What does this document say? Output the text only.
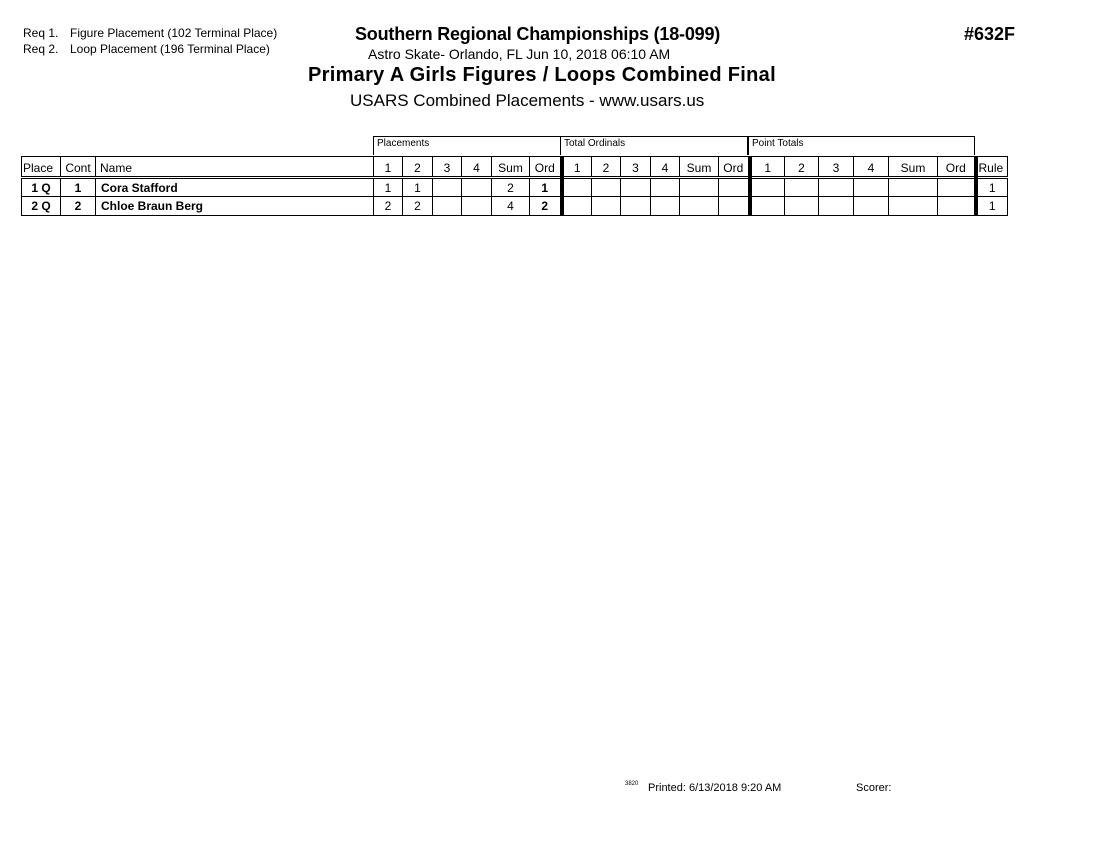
Req 1. Figure Placement (102 Terminal Place)
Req 2. Loop Placement (196 Terminal Place)
Southern Regional Championships (18-099)
Astro Skate- Orlando, FL Jun 10, 2018 06:10 AM
Primary A Girls Figures / Loops Combined Final
USARS Combined Placements - www.usars.us
#632F
Placements	Total Ordinals	Point Totals
Place	Cont	Name	1	2	3	4	Sum	Ord	1	2	3	4	Sum	Ord	1	2	3	4	Sum	Ord	Rule
1 Q	1	Cora Stafford	1	1			2	1													1
2 Q	2	Chloe Braun Berg	2	2			4	2													1
3820 Printed: 6/13/2018 9:20 AM	Scorer:
